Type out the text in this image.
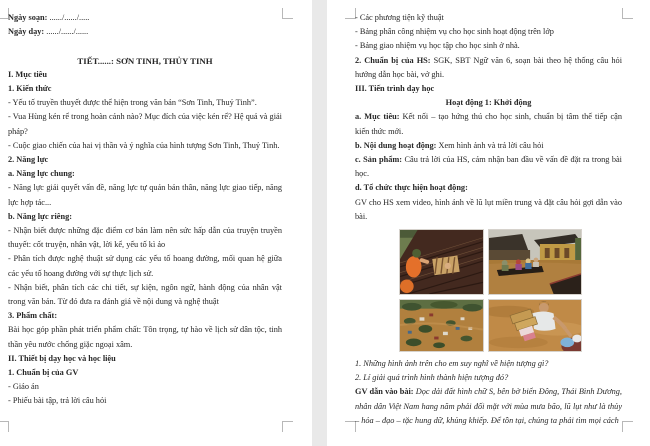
Ngày soạn: ....../....../.....

Ngày dạy: ....../....../......

TIẾT......: SƠN TINH, THỦY TINH

I. Mục tiêu

1. Kiến thức

- Yếu tố truyền thuyết được thể hiện trong văn bản “Sơn Tinh, Thuỷ Tinh”.

- Vua Hùng kén rể trong hoàn cảnh nào? Mục đích của việc kén rể? Hệ quả và giải pháp?

- Cuộc giao chiến của hai vị thần và ý nghĩa của hình tượng Sơn Tinh, Thuỷ Tinh.

2. Năng lực

a. Năng lực chung:

- Năng lực giải quyết vấn đề, năng lực tự quản bản thân, năng lực giao tiếp, năng lực hợp tác...

b. Năng lực riêng:

- Nhận biết được những đặc điểm cơ bản làm nên sức hấp dẫn của truyện truyền thuyết: cốt truyện, nhân vật, lời kể, yếu tố kì ảo

- Phân tích được nghệ thuật sử dụng các yếu tố hoang đường, mối quan hệ giữa các yếu tố hoang đường với sự thực lịch sử.

- Nhận biết, phân tích các chi tiết, sự kiện, ngôn ngữ, hành động của nhân vật trong văn bản. Từ đó đưa ra đánh giá về nội dung và nghệ thuật

3. Phẩm chất:

Bài học góp phần phát triển phẩm chất: Tôn trọng, tự hào về lịch sử dân tộc, tinh thần yêu nước chống giặc ngoại xâm.

II. Thiết bị dạy học và học liệu

1. Chuẩn bị của GV

- Giáo án

- Phiếu bài tập, trả lời câu hỏi

- Các phương tiện kỹ thuật

- Bảng phân công nhiệm vụ cho học sinh hoạt động trên lớp

- Bảng giao nhiệm vụ học tập cho học sinh ở nhà.

2. Chuẩn bị của HS: SGK, SBT Ngữ văn 6, soạn bài theo hệ thống câu hỏi hướng dẫn học bài, vở ghi.

III. Tiến trình dạy học

Hoạt động 1: Khởi động

a. Mục tiêu: Kết nối – tạo hứng thú cho học sinh, chuẩn bị tâm thế tiếp cận kiến thức mới.

b. Nội dung hoạt động: Xem hình ảnh và trả lời câu hỏi

c. Sản phẩm: Câu trả lời của HS, cảm nhận ban đầu về vấn đề đặt ra trong bài học.

d. Tổ chức thực hiện hoạt động:

GV cho HS xem video, hình ảnh về lũ lụt miền trung và đặt câu hỏi gợi dẫn vào bài.

1. Những hình ảnh trên cho em suy nghĩ về hiện tượng gì?

2. Lí giải quá trình hình thành hiện tượng đó?

GV dẫn vào bài: Dọc dải đất hình chữ S, bên bờ biển Đông, Thái Bình Dương, nhân dân Việt Nam hang năm phải đối mặt với mùa mưa bão, lũ lụt như là thủy – hỏa – đạo – tặc hung dữ, khủng khiếp. Để tồn tại, chúng ta phải tìm mọi cách
